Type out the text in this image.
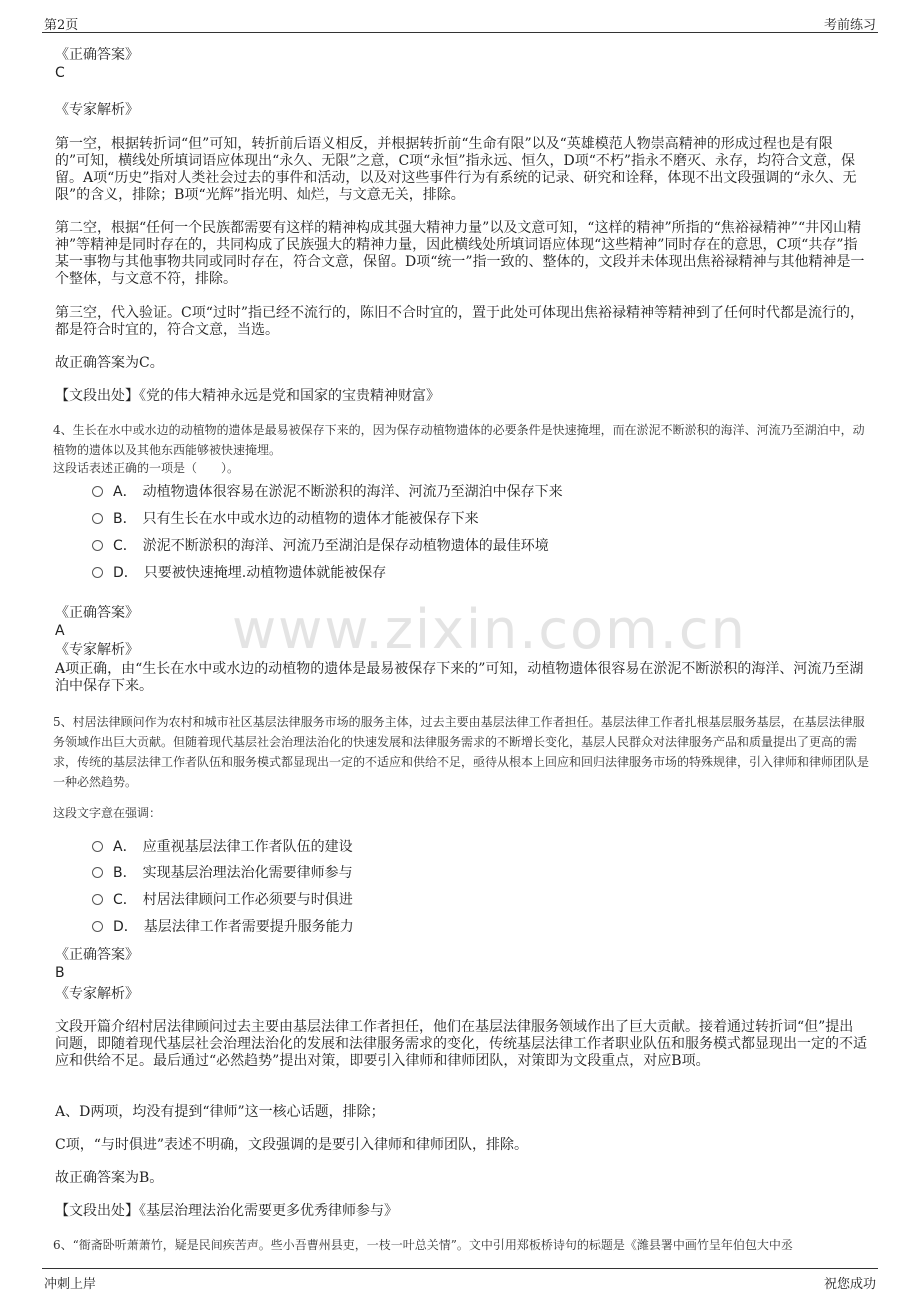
第2页	考前练习
www.zixin.com.cn
《正确答案》
C
《专家解析》
第一空，根据转折词“但”可知，转折前后语义相反，并根据转折前“生命有限”以及“英雄模范人物崇高精神的形成过程也是有限的”可知，横线处所填词语应体现出“永久、无限”之意，C项“永恒”指永远、恒久，D项“不朽”指永不磨灭、永存，均符合文意，保留。A项“历史”指对人类社会过去的事件和活动，以及对这些事件行为有系统的记录、研究和诠释，体现不出文段强调的“永久、无限”的含义，排除；B项“光辉”指光明、灿烂，与文意无关，排除。
第二空，根据“任何一个民族都需要有这样的精神构成其强大精神力量”以及文意可知，“这样的精神”所指的“焦裕禄精神”“井冈山精神”等精神是同时存在的，共同构成了民族强大的精神力量，因此横线处所填词语应体现“这些精神”同时存在的意思，C项“共存”指某一事物与其他事物共同或同时存在，符合文意，保留。D项“统一”指一致的、整体的，文段并未体现出焦裕禄精神与其他精神是一个整体，与文意不符，排除。
第三空，代入验证。C项“过时”指已经不流行的，陈旧不合时宜的，置于此处可体现出焦裕禄精神等精神到了任何时代都是流行的，都是符合时宜的，符合文意，当选。
故正确答案为C。
【文段出处】《党的伟大精神永远是党和国家的宝贵精神财富》
4、生长在水中或水边的动植物的遗体是最易被保存下来的，因为保存动植物遗体的必要条件是快速掩埋，而在淤泥不断淤积的海洋、河流乃至湖泊中，动植物的遗体以及其他东西能够被快速掩埋。
这段话表述正确的一项是（　　）。
A． 动植物遗体很容易在淤泥不断淤积的海洋、河流乃至湖泊中保存下来
B． 只有生长在水中或水边的动植物的遗体才能被保存下来
C． 淤泥不断淤积的海洋、河流乃至湖泊是保存动植物遗体的最佳环境
D． 只要被快速掩埋.动植物遗体就能被保存
《正确答案》
A
《专家解析》
A项正确，由“生长在水中或水边的动植物的遗体是最易被保存下来的”可知，动植物遗体很容易在淤泥不断淤积的海洋、河流乃至湖泊中保存下来。
5、村居法律顾问作为农村和城市社区基层法律服务市场的服务主体，过去主要由基层法律工作者担任。基层法律工作者扎根基层服务基层，在基层法律服务领域作出巨大贡献。但随着现代基层社会治理法治化的快速发展和法律服务需求的不断增长变化，基层人民群众对法律服务产品和质量提出了更高的需求，传统的基层法律工作者队伍和服务模式都显现出一定的不适应和供给不足，亟待从根本上回应和回归法律服务市场的特殊规律，引入律师和律师团队是一种必然趋势。
这段文字意在强调：
A． 应重视基层法律工作者队伍的建设
B． 实现基层治理法治化需要律师参与
C． 村居法律顾问工作必须要与时俱进
D． 基层法律工作者需要提升服务能力
《正确答案》
B
《专家解析》
文段开篇介绍村居法律顾问过去主要由基层法律工作者担任，他们在基层法律服务领域作出了巨大贡献。接着通过转折词“但”提出问题，即随着现代基层社会治理法治化的发展和法律服务需求的变化，传统基层法律工作者职业队伍和服务模式都显现出一定的不适应和供给不足。最后通过“必然趋势”提出对策，即要引入律师和律师团队，对策即为文段重点，对应B项。
A、D两项，均没有提到“律师”这一核心话题，排除；
C项，“与时俱进”表述不明确，文段强调的是要引入律师和律师团队，排除。
故正确答案为B。
【文段出处】《基层治理法治化需要更多优秀律师参与》
6、“衙斋卧听萧萧竹，疑是民间疾苦声。些小吾曹州县吏，一枝一叶总关情”。文中引用郑板桥诗句的标题是《潍县署中画竹呈年伯包大中丞
冲刺上岸	祝您成功
